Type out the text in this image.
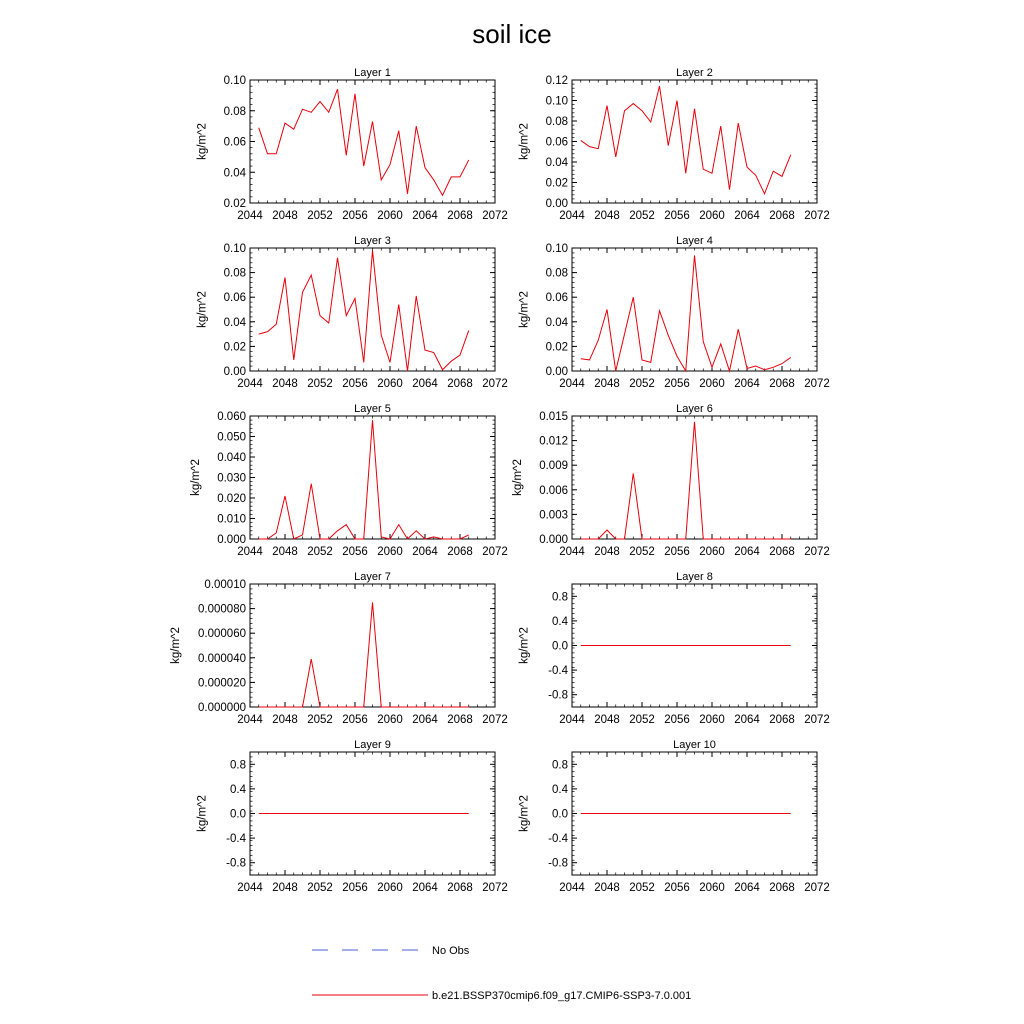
soil ice
Layer 1
2044 2048 2052 2056 2060 2064 2068 2072
0.02
0.04
0.06
0.08
0.10
kg/m^2
Layer 2
2044 2048 2052 2056 2060 2064 2068 2072
0.00
0.02
0.04
0.06
0.08
0.10
0.12
kg/m^2
Layer 3
2044 2048 2052 2056 2060 2064 2068 2072
0.00
0.02
0.04
0.06
0.08
0.10
kg/m^2
Layer 4
2044 2048 2052 2056 2060 2064 2068 2072
0.00
0.02
0.04
0.06
0.08
0.10
kg/m^2
Layer 5
2044 2048 2052 2056 2060 2064 2068 2072
0.000
0.010
0.020
0.030
0.040
0.050
0.060
kg/m^2
Layer 6
2044 2048 2052 2056 2060 2064 2068 2072
0.000
0.003
0.006
0.009
0.012
0.015
kg/m^2
Layer 7
2044 2048 2052 2056 2060 2064 2068 2072
0.000000
0.000020
0.000040
0.000060
0.000080
0.00010
kg/m^2
Layer 8
2044 2048 2052 2056 2060 2064 2068 2072
-0.8
-0.4
0.0
0.4
0.8
kg/m^2
Layer 9
2044 2048 2052 2056 2060 2064 2068 2072
-0.8
-0.4
0.0
0.4
0.8
kg/m^2
Layer 10
2044 2048 2052 2056 2060 2064 2068 2072
-0.8
-0.4
0.0
0.4
0.8
kg/m^2
No Obs
b.e21.BSSP370cmip6.f09_g17.CMIP6-SSP3-7.0.001
